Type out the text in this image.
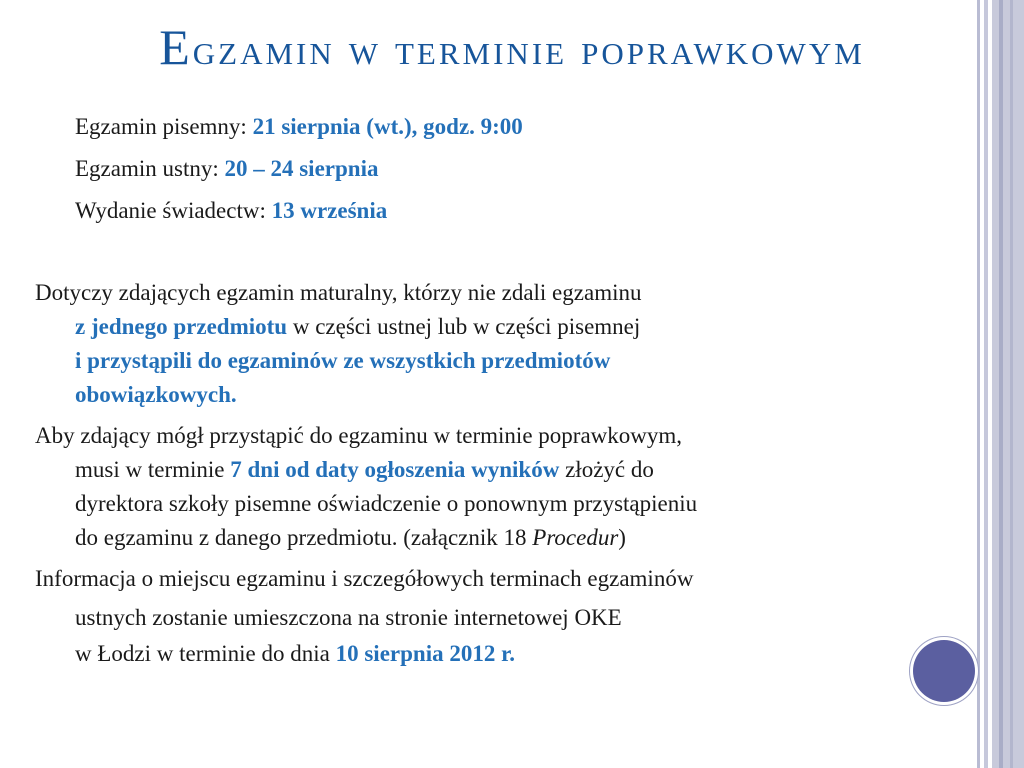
Egzamin w terminie poprawkowym
Egzamin pisemny: 21 sierpnia (wt.), godz. 9:00
Egzamin ustny: 20 – 24 sierpnia
Wydanie świadectw: 13 września
Dotyczy zdających egzamin maturalny, którzy nie zdali egzaminu
z jednego przedmiotu w części ustnej lub w części pisemnej
i przystąpili do egzaminów ze wszystkich przedmiotów
obowiązkowych.
Aby zdający mógł przystąpić do egzaminu w terminie poprawkowym,
musi w terminie 7 dni od daty ogłoszenia wyników złożyć do
dyrektora szkoły pisemne oświadczenie o ponownym przystąpieniu
do egzaminu z danego przedmiotu. (załącznik 18 Procedur)
Informacja o miejscu egzaminu i szczegółowych terminach egzaminów
ustnych zostanie umieszczona na stronie internetowej OKE
w Łodzi w terminie do dnia 10 sierpnia 2012 r.
